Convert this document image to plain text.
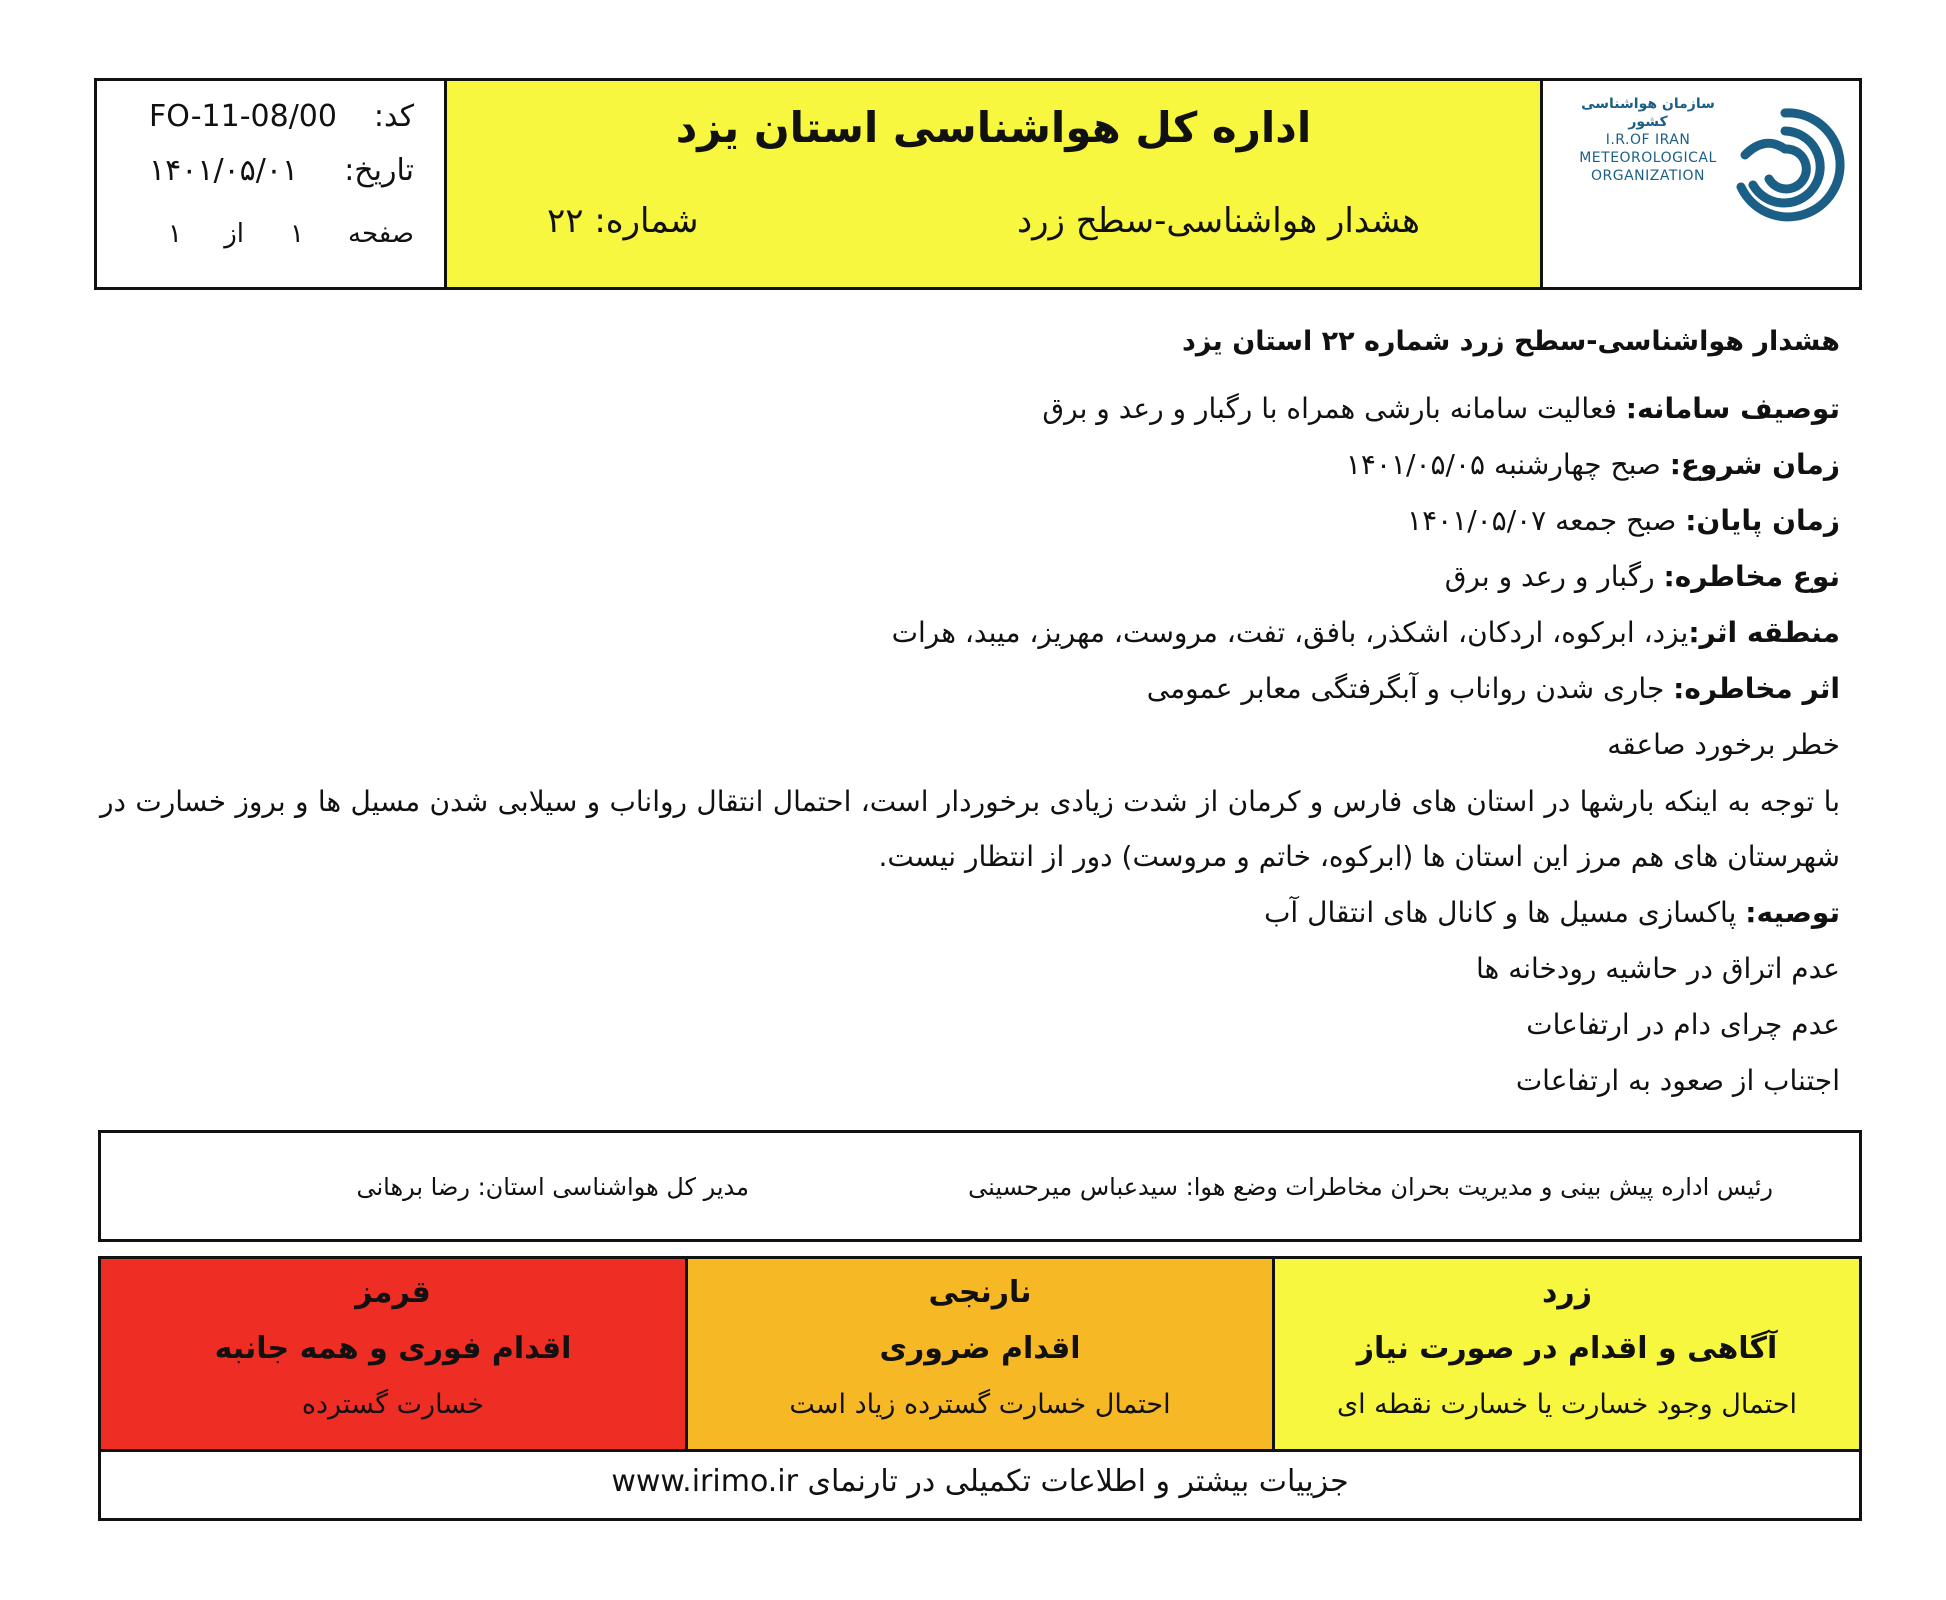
کد:
FO-11-08/00
تاریخ:
۱۴۰۱/۰۵/۰۱
صفحه
۱
از
۱
اداره کل هواشناسی استان یزد
هشدار هواشناسی-سطح زرد
شماره: ۲۲
سازمان هواشناسی کشور
I.R.OF IRAN
METEOROLOGICAL
ORGANIZATION
هشدار هواشناسی-سطح زرد شماره ۲۲ استان یزد
توصیف سامانه: فعالیت سامانه بارشی همراه با رگبار و رعد و برق
زمان شروع: صبح چهارشنبه ۱۴۰۱/۰۵/۰۵
زمان پایان: صبح جمعه ۱۴۰۱/۰۵/۰۷
نوع مخاطره: رگبار و رعد و برق
منطقه اثر:یزد، ابرکوه، اردکان، اشکذر، بافق، تفت، مروست، مهریز، میبد، هرات
اثر مخاطره: جاری شدن رواناب و آبگرفتگی معابر عمومی
خطر برخورد صاعقه
با توجه به اینکه بارشها در استان های فارس و کرمان از شدت زیادی برخوردار است، احتمال انتقال رواناب و سیلابی شدن مسیل ها و بروز خسارت در شهرستان های هم مرز این استان ها (ابرکوه، خاتم و مروست) دور از انتظار نیست.
توصیه: پاکسازی مسیل ها و کانال های انتقال آب
عدم اتراق در حاشیه رودخانه ها
عدم چرای دام در ارتفاعات
اجتناب از صعود به ارتفاعات
رئیس اداره پیش بینی و مدیریت بحران مخاطرات وضع هوا: سیدعباس میرحسینی
مدیر کل هواشناسی استان: رضا برهانی
زرد
آگاهی و اقدام در صورت نیاز
احتمال وجود خسارت یا خسارت نقطه ای
نارنجی
اقدام ضروری
احتمال خسارت گسترده زیاد است
قرمز
اقدام فوری و همه جانبه
خسارت گسترده
جزییات بیشتر و اطلاعات تکمیلی در تارنمای www.irimo.ir
